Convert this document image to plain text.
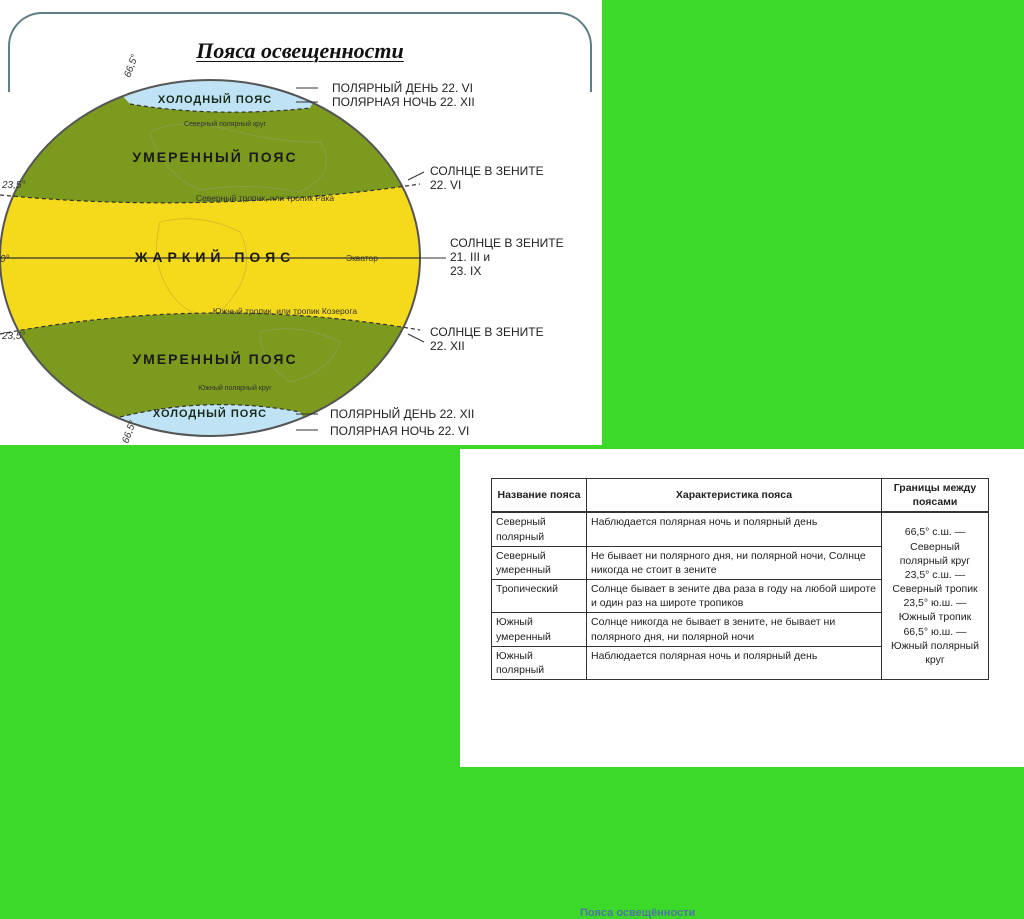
Пояса освещенности
ХОЛОДНЫЙ ПОЯС
Северный полярный круг
УМЕРЕННЫЙ ПОЯС
Северный тропик, или тропик Рака
ЖАРКИЙ ПОЯС	Экватор
Южный тропик, или тропик Козерога
УМЕРЕННЫЙ ПОЯС
Южный полярный круг
ХОЛОДНЫЙ ПОЯС
66,5°
23,5°
0°
23,5°
66,5°
ПОЛЯРНЫЙ ДЕНЬ 22. VI
ПОЛЯРНАЯ НОЧЬ 22. XII
СОЛНЦЕ В ЗЕНИТЕ
22. VI
СОЛНЦЕ В ЗЕНИТЕ
21. III и
23. IX
СОЛНЦЕ В ЗЕНИТЕ
22. XII
ПОЛЯРНЫЙ ДЕНЬ 22. XII
ПОЛЯРНАЯ НОЧЬ 22. VI
Пояса освещённости
Название пояса	Характеристика пояса	Границы между поясами
Северный полярный	Наблюдается полярная ночь и полярный день	66,5° с.ш. — Северный полярный круг 23,5° с.ш. — Северный тропик 23,5° ю.ш. — Южный тропик 66,5° ю.ш. — Южный полярный круг
Северный умеренный	Не бывает ни полярного дня, ни полярной ночи, Солнце никогда не стоит в зените	
Тропический	Солнце бывает в зените два раза в году на любой широте и один раз на широте тропиков	
Южный умеренный	Солнце никогда не бывает в зените, не бывает ни полярного дня, ни полярной ночи	
Южный полярный	Наблюдается полярная ночь и полярный день	
